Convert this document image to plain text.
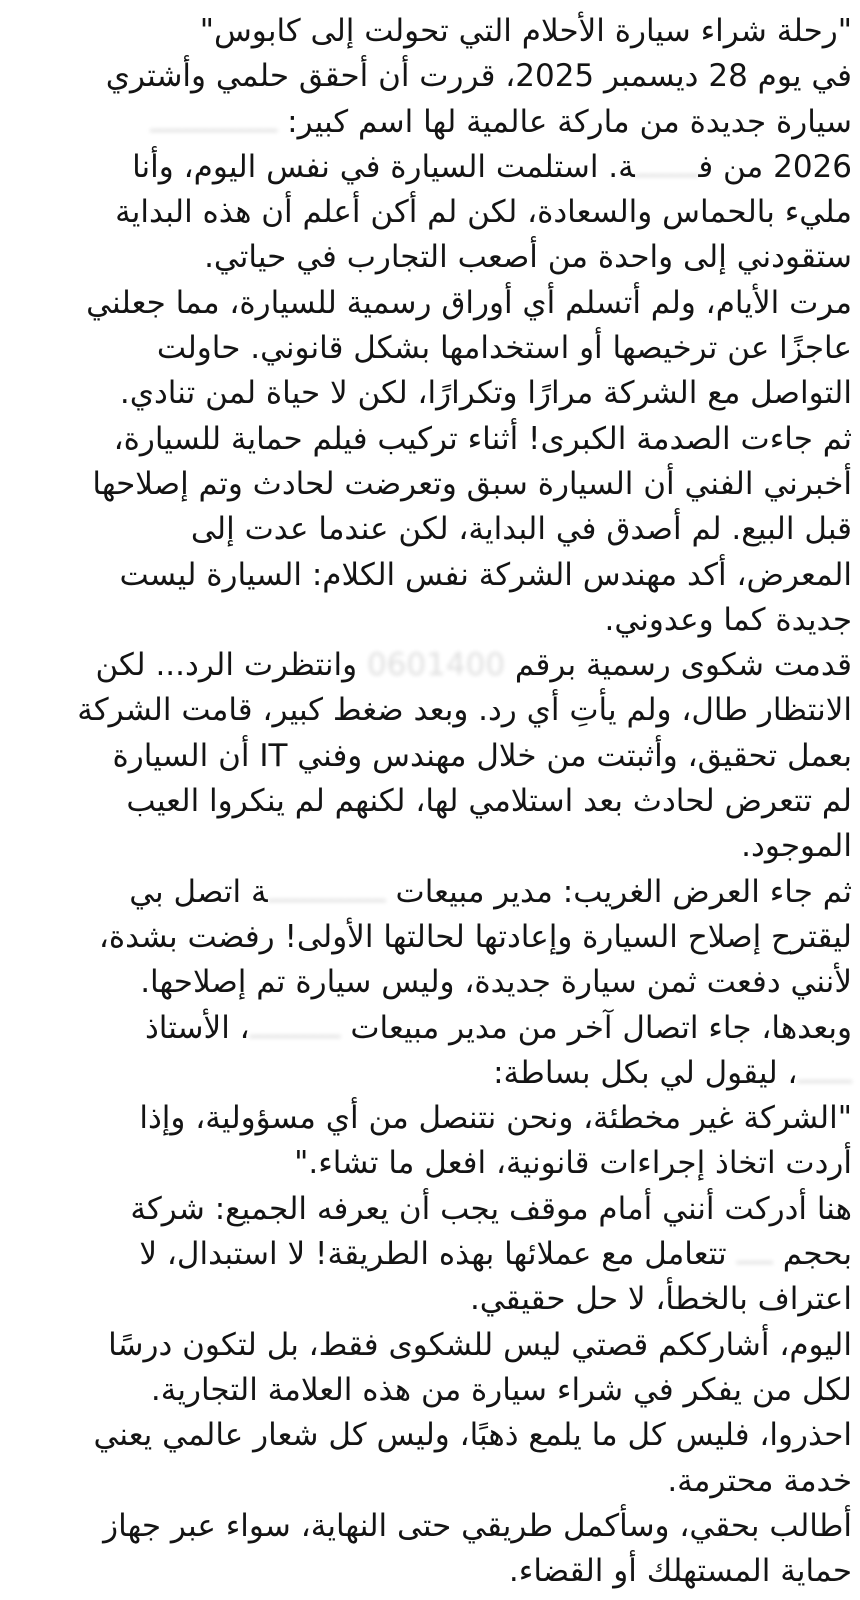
"رحلة شراء سيارة الأحلام التي تحولت إلى كابوس"
في يوم 28 ديسمبر 2025، قررت أن أحقق حلمي وأشتري
سيارة جديدة من ماركة عالمية لها اسم كبير: ــــــــــــــ
2026 من فـــــــة. استلمت السيارة في نفس اليوم، وأنا
مليء بالحماس والسعادة، لكن لم أكن أعلم أن هذه البداية
ستقودني إلى واحدة من أصعب التجارب في حياتي.
مرت الأيام، ولم أتسلم أي أوراق رسمية للسيارة، مما جعلني
عاجزًا عن ترخيصها أو استخدامها بشكل قانوني. حاولت
التواصل مع الشركة مرارًا وتكرارًا، لكن لا حياة لمن تنادي.
ثم جاءت الصدمة الكبرى! أثناء تركيب فيلم حماية للسيارة،
أخبرني الفني أن السيارة سبق وتعرضت لحادث وتم إصلاحها
قبل البيع. لم أصدق في البداية، لكن عندما عدت إلى
المعرض، أكد مهندس الشركة نفس الكلام: السيارة ليست
جديدة كما وعدوني.
قدمت شكوى رسمية برقم 0601400 وانتظرت الرد... لكن
الانتظار طال، ولم يأتِ أي رد. وبعد ضغط كبير، قامت الشركة
بعمل تحقيق، وأثبتت من خلال مهندس وفني IT أن السيارة
لم تتعرض لحادث بعد استلامي لها، لكنهم لم ينكروا العيب
الموجود.
ثم جاء العرض الغريب: مدير مبيعات ـــــــــــــة اتصل بي
ليقترح إصلاح السيارة وإعادتها لحالتها الأولى! رفضت بشدة،
لأنني دفعت ثمن سيارة جديدة، وليس سيارة تم إصلاحها.
وبعدها، جاء اتصال آخر من مدير مبيعات ــــــــــ، الأستاذ
ــــــ، ليقول لي بكل بساطة:
"الشركة غير مخطئة، ونحن نتنصل من أي مسؤولية، وإذا
أردت اتخاذ إجراءات قانونية، افعل ما تشاء."
هنا أدركت أنني أمام موقف يجب أن يعرفه الجميع: شركة
بحجم ــــ تتعامل مع عملائها بهذه الطريقة! لا استبدال، لا
اعتراف بالخطأ، لا حل حقيقي.
اليوم، أشارككم قصتي ليس للشكوى فقط، بل لتكون درسًا
لكل من يفكر في شراء سيارة من هذه العلامة التجارية.
احذروا، فليس كل ما يلمع ذهبًا، وليس كل شعار عالمي يعني
خدمة محترمة.
أطالب بحقي، وسأكمل طريقي حتى النهاية، سواء عبر جهاز
حماية المستهلك أو القضاء.
